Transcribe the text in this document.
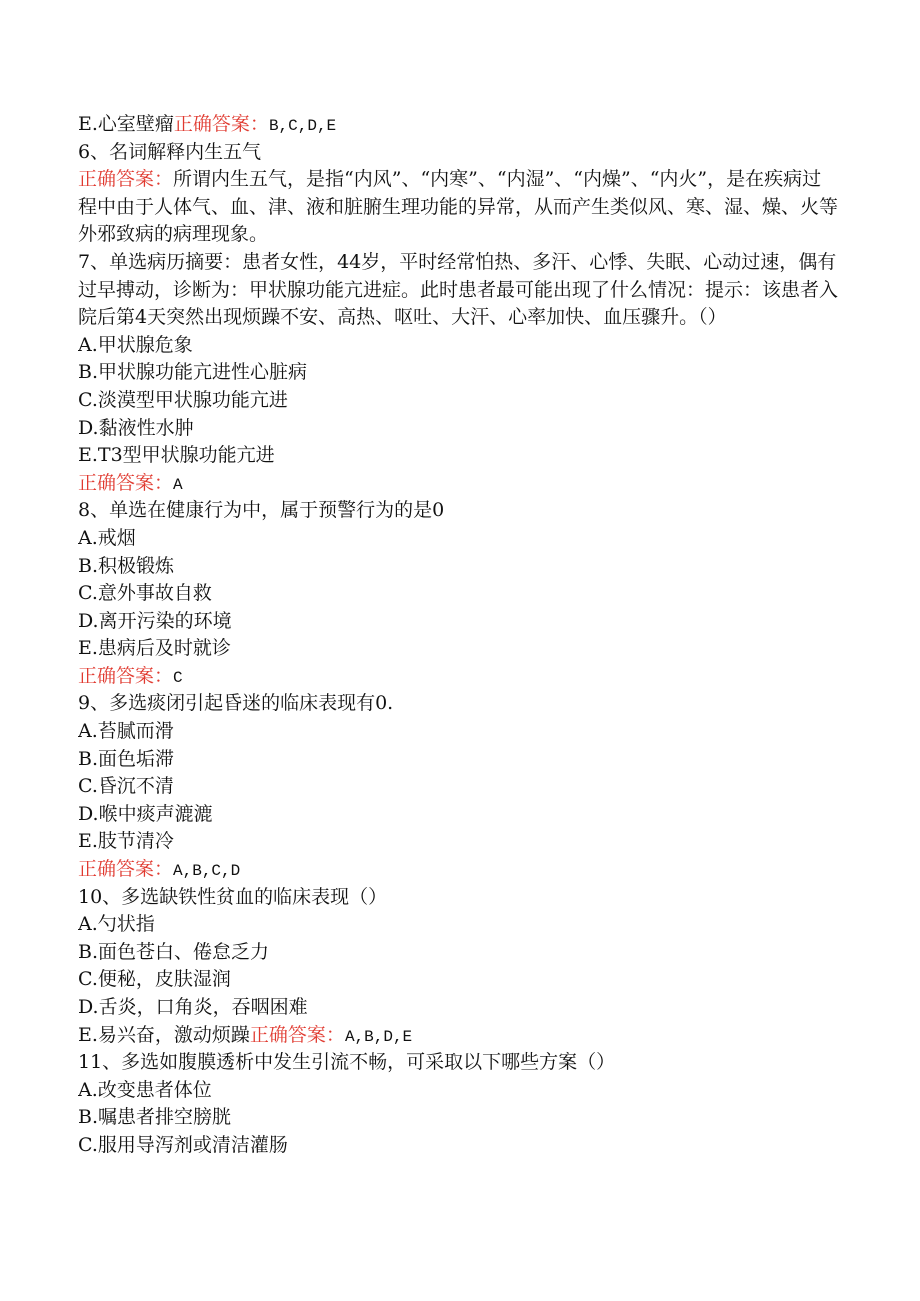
E.心室壁瘤正确答案：B,C,D,E
6、名词解释内生五气
正确答案：所谓内生五气，是指“内风”、“内寒”、“内湿”、“内燥”、“内火”，是在疾病过程中由于人体气、血、津、液和脏腑生理功能的异常，从而产生类似风、寒、湿、燥、火等外邪致病的病理现象。
7、单选病历摘要：患者女性，44岁，平时经常怕热、多汗、心悸、失眠、心动过速，偶有过早搏动，诊断为：甲状腺功能亢进症。此时患者最可能出现了什么情况：提示：该患者入院后第4天突然出现烦躁不安、高热、呕吐、大汗、心率加快、血压骤升。（）
A.甲状腺危象
B.甲状腺功能亢进性心脏病
C.淡漠型甲状腺功能亢进
D.黏液性水肿
E.T3型甲状腺功能亢进
正确答案：A
8、单选在健康行为中，属于预警行为的是0
A.戒烟
B.积极锻炼
C.意外事故自救
D.离开污染的环境
E.患病后及时就诊
正确答案：C
9、多选痰闭引起昏迷的临床表现有0.
A.苔腻而滑
B.面色垢滞
C.昏沉不清
D.喉中痰声漉漉
E.肢节清冷
正确答案：A,B,C,D
10、多选缺铁性贫血的临床表现（）
A.勺状指
B.面色苍白、倦怠乏力
C.便秘，皮肤湿润
D.舌炎，口角炎，吞咽困难
E.易兴奋，激动烦躁正确答案：A,B,D,E
11、多选如腹膜透析中发生引流不畅，可采取以下哪些方案（）
A.改变患者体位
B.嘱患者排空膀胱
C.服用导泻剂或清洁灌肠
